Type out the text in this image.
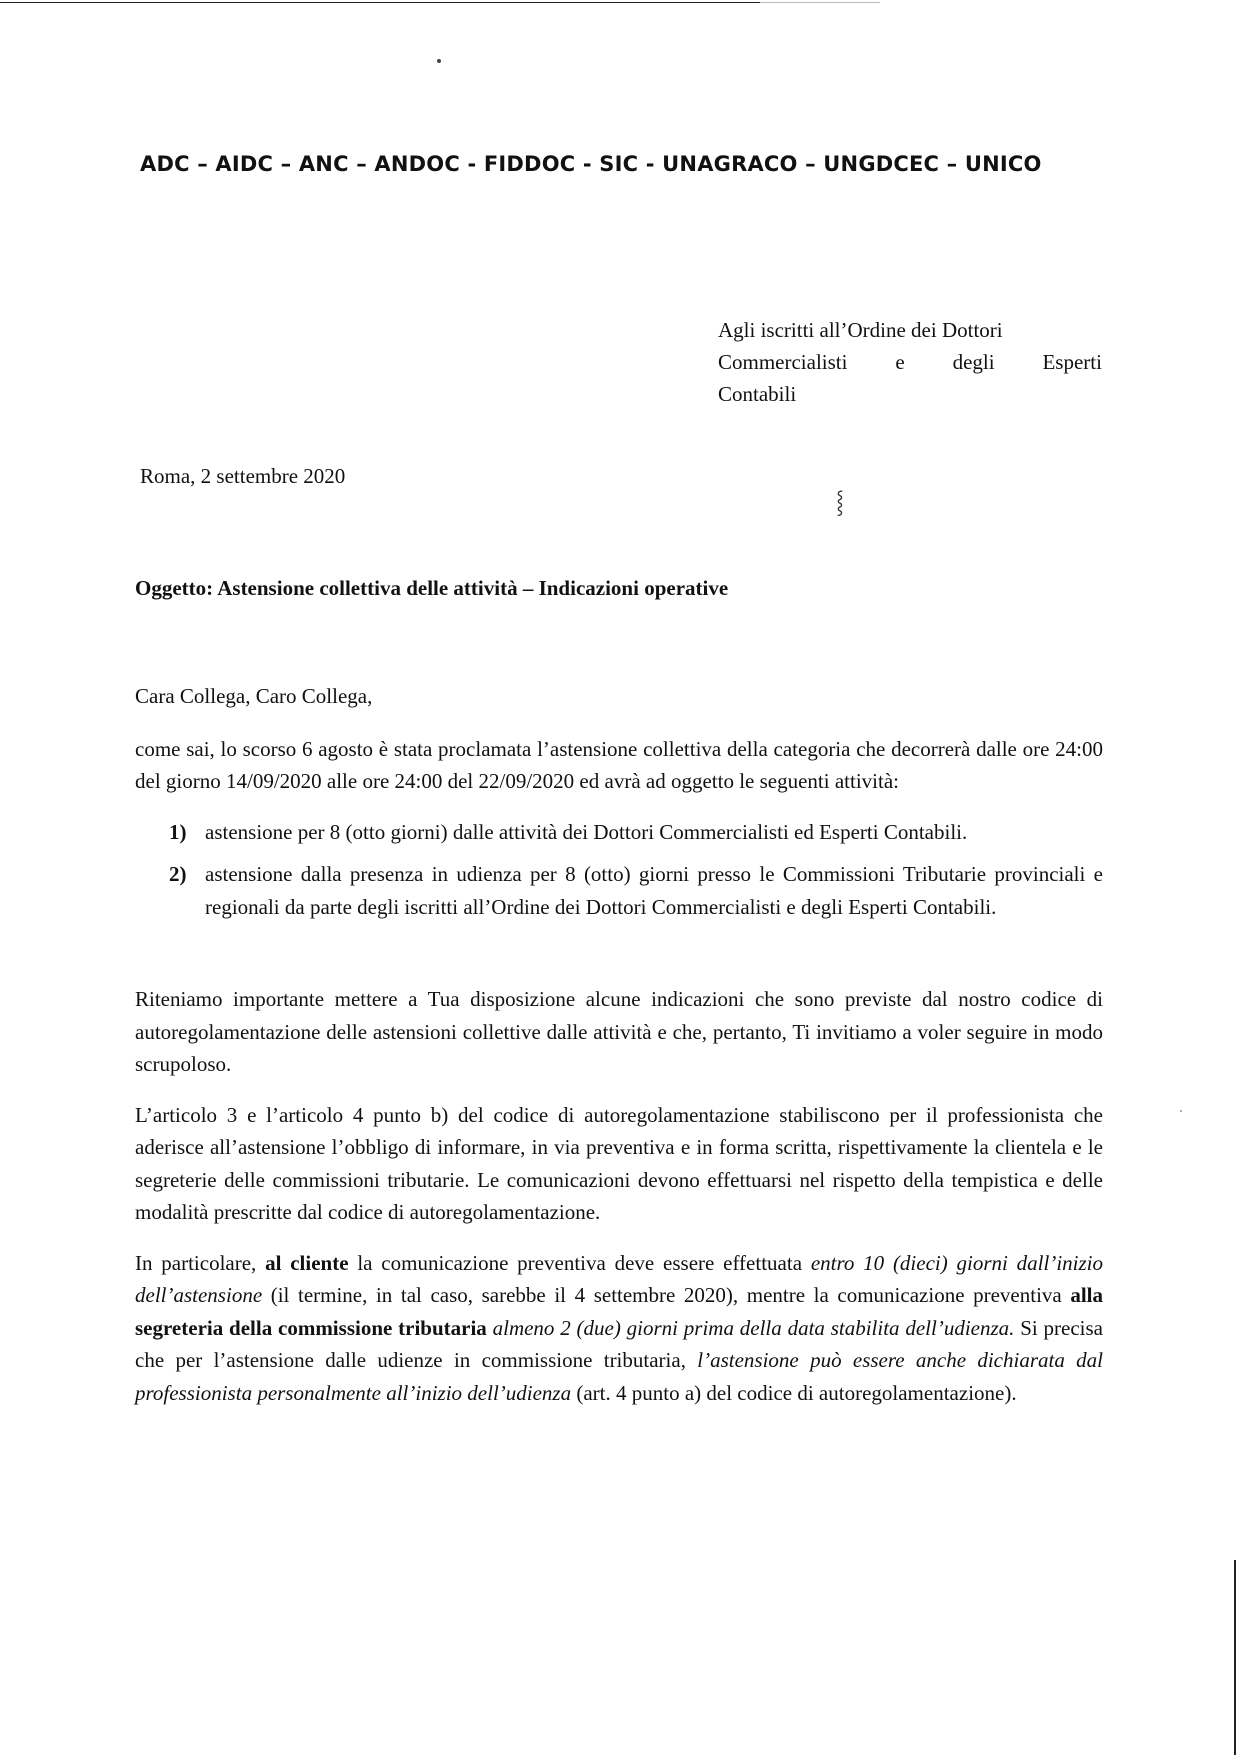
ADC – AIDC – ANC – ANDOC - FIDDOC - SIC - UNAGRACO – UNGDCEC – UNICO
Agli iscritti all’Ordine dei Dottori
Commercialisti e degli Esperti
Contabili
Roma, 2 settembre 2020
⸾
Oggetto: Astensione collettiva delle attività – Indicazioni operative

Cara Collega, Caro Collega,

come sai, lo scorso 6 agosto è stata proclamata l’astensione collettiva della categoria che decorrerà dalle ore 24:00 del giorno 14/09/2020 alle ore 24:00 del 22/09/2020 ed avrà ad oggetto le seguenti attività:

1) astensione per 8 (otto giorni) dalle attività dei Dottori Commercialisti ed Esperti Contabili.
2) astensione dalla presenza in udienza per 8 (otto) giorni presso le Commissioni Tributarie provinciali e regionali da parte degli iscritti all’Ordine dei Dottori Commercialisti e degli Esperti Contabili.

Riteniamo importante mettere a Tua disposizione alcune indicazioni che sono previste dal nostro codice di autoregolamentazione delle astensioni collettive dalle attività e che, pertanto, Ti invitiamo a voler seguire in modo scrupoloso.

L’articolo 3 e l’articolo 4 punto b) del codice di autoregolamentazione stabiliscono per il professionista che aderisce all’astensione l’obbligo di informare, in via preventiva e in forma scritta, rispettivamente la clientela e le segreterie delle commissioni tributarie. Le comunicazioni devono effettuarsi nel rispetto della tempistica e delle modalità prescritte dal codice di autoregolamentazione.

In particolare, al cliente la comunicazione preventiva deve essere effettuata entro 10 (dieci) giorni dall’inizio dell’astensione (il termine, in tal caso, sarebbe il 4 settembre 2020), mentre la comunicazione preventiva alla segreteria della commissione tributaria almeno 2 (due) giorni prima della data stabilita dell’udienza. Si precisa che per l’astensione dalle udienze in commissione tributaria, l’astensione può essere anche dichiarata dal professionista personalmente all’inizio dell’udienza (art. 4 punto a) del codice di autoregolamentazione).
